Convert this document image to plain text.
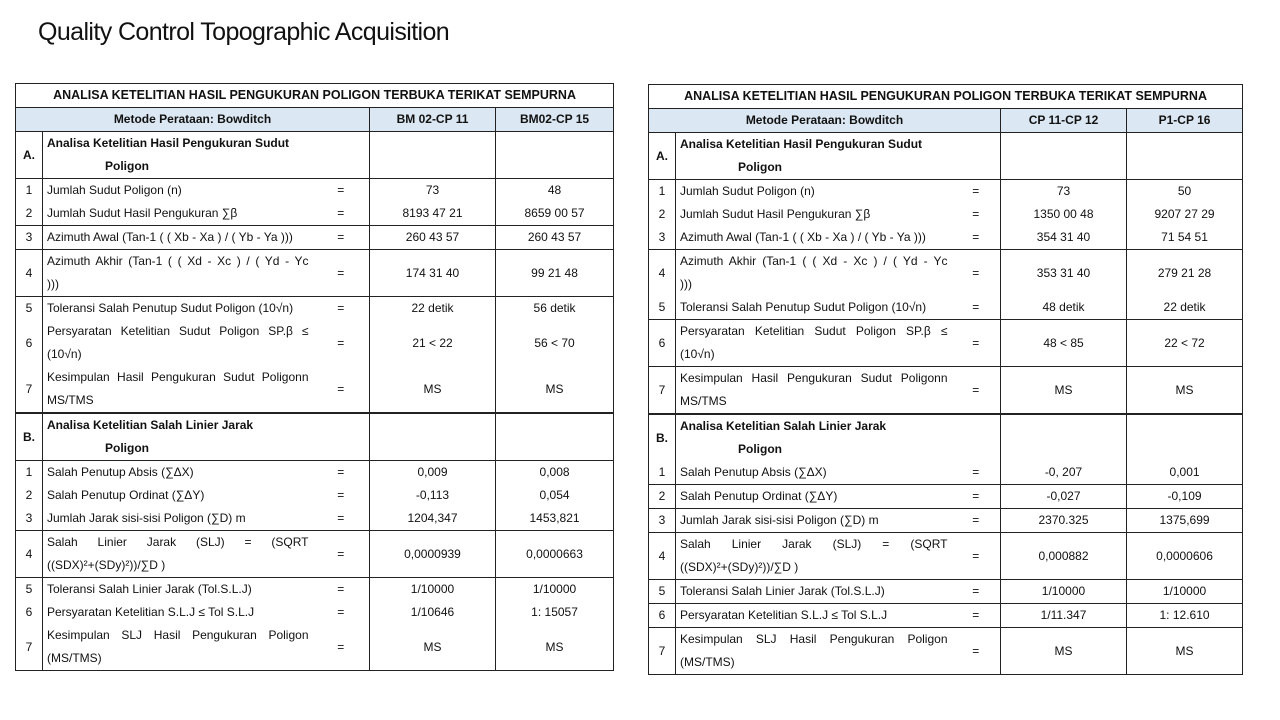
Quality Control Topographic Acquisition
ANALISA KETELITIAN HASIL PENGUKURAN POLIGON TERBUKA TERIKAT SEMPURNA				
Metode Perataan: Bowditch			BM 02-CP 11	BM02-CP 15
A.	Analisa Ketelitian Hasil Pengukuran Sudut
Poligon			

1	Jumlah Sudut Poligon (n)	=	73	48
2	Jumlah Sudut Hasil Pengukuran ∑β	=	8193 47 21	8659 00 57
3	Azimuth Awal (Tan-1 ( ( Xb - Xa ) / ( Yb - Ya )))	=	260 43 57	260 43 57
4	Azimuth Akhir (Tan-1 ( ( Xd - Xc ) / ( Yd - Yc
)))	=	174 31 40	99 21 48
5	Toleransi Salah Penutup Sudut Poligon (10√n)	=	22 detik	56 detik
6	Persyaratan Ketelitian Sudut Poligon SP.β ≤
(10√n)	=	21 < 22	56 < 70
7	Kesimpulan Hasil Pengukuran Sudut Poligonn
MS/TMS	=	MS	MS

B.	Analisa Ketelitian Salah Linier Jarak
Poligon			

1	Salah Penutup Absis (∑ΔX)	=	0,009	0,008
2	Salah Penutup Ordinat (∑ΔY)	=	-0,113	0,054
3	Jumlah Jarak sisi-sisi Poligon (∑D) m	=	1204,347	1453,821
4	Salah Linier Jarak (SLJ) = (SQRT
((SDX)²+(SDy)²))/∑D )	=	0,0000939	0,0000663
5	Toleransi Salah Linier Jarak (Tol.S.L.J)	=	1/10000	1/10000
6	Persyaratan Ketelitian S.L.J ≤ Tol S.L.J	=	1/10646	1: 15057
7	Kesimpulan SLJ Hasil Pengukuran Poligon
(MS/TMS)	=	MS	MS
ANALISA KETELITIAN HASIL PENGUKURAN POLIGON TERBUKA TERIKAT SEMPURNA				
Metode Perataan: Bowditch			CP 11-CP 12	P1-CP 16
A.	Analisa Ketelitian Hasil Pengukuran Sudut
Poligon			

1	Jumlah Sudut Poligon (n)	=	73	50
2	Jumlah Sudut Hasil Pengukuran ∑β	=	1350 00 48	9207 27 29
3	Azimuth Awal (Tan-1 ( ( Xb - Xa ) / ( Yb - Ya )))	=	354 31 40	71 54 51
4	Azimuth Akhir (Tan-1 ( ( Xd - Xc ) / ( Yd - Yc
)))	=	353 31 40	279 21 28
5	Toleransi Salah Penutup Sudut Poligon (10√n)	=	48 detik	22 detik
6	Persyaratan Ketelitian Sudut Poligon SP.β ≤
(10√n)	=	48 < 85	22 < 72
7	Kesimpulan Hasil Pengukuran Sudut Poligonn
MS/TMS	=	MS	MS

B.	Analisa Ketelitian Salah Linier Jarak
Poligon			

1	Salah Penutup Absis (∑ΔX)	=	-0, 207	0,001
2	Salah Penutup Ordinat (∑ΔY)	=	-0,027	-0,109
3	Jumlah Jarak sisi-sisi Poligon (∑D) m	=	2370.325	1375,699
4	Salah Linier Jarak (SLJ) = (SQRT
((SDX)²+(SDy)²))/∑D )	=	0,000882	0,0000606
5	Toleransi Salah Linier Jarak (Tol.S.L.J)	=	1/10000	1/10000
6	Persyaratan Ketelitian S.L.J ≤ Tol S.L.J	=	1/11.347	1: 12.610
7	Kesimpulan SLJ Hasil Pengukuran Poligon
(MS/TMS)	=	MS	MS
